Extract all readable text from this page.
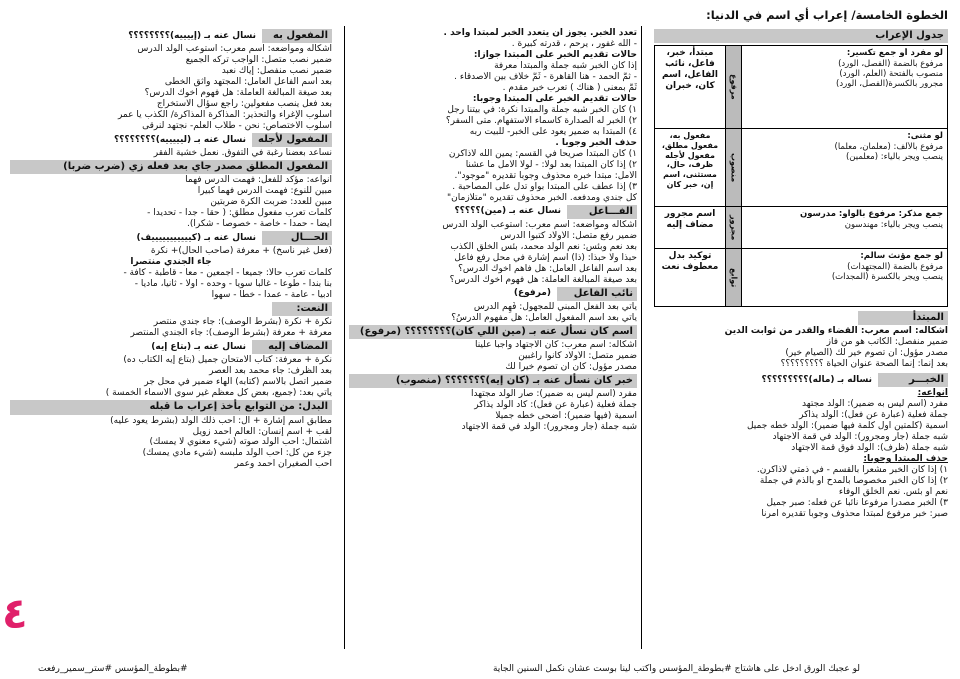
الخطوة الخامسة/ إعراب أي اسم في الدنيا:
جدول الإعراب
لو مفرد أو جمع تكسير:
مرفوع بالضمة (الفصل، الورد)
منصوب بالفتحة (العلم، الورد)
مجرور بالكسرة(الفصل، الورد)
مرفوع
مبتدأ، خبر، فاعل، نائب الفاعل، اسم كان، خبران
لو مثنى:
مرفوع بالألف: (معلمان، معلما)
ينصب ويجر بالياء: (معلمين)
منصوب
مفعول به، مفعول مطلق، مفعول لأجله ظرف، حال، مستثنى، اسم إن، خبر كان
جمع مذكر: مرفوع بالواو: مدرسون
ينصب ويجر بالياء: مهندسون
مجرور
اسم مجرور مضاف إليه
لو جمع مؤنث سالم:
مرفوع بالضمة (المجتهدات)
ينصب ويجر بالكسرة (المجدات)
توابع
توكيد بدل معطوف نعت
المبتدأ
أشكاله: اسم معرب: القضاء والقدر من ثوابت الدين
ضمير منفصل: الكاتب هو من فاز
مصدر مؤول: أن تصوم خير لك (الصيام خير)
بعد إنما: إنما الصحة عنوان الحياة ؟؟؟؟؟؟؟؟؟
الخبـــر
نسأله بـ (ماله)؟؟؟؟؟؟؟؟؟
أنواعه:
مفرد (اسم ليس به ضمير): الولد مجتهد
جملة فعلية (عبارة عن فعل): الولد يذاكر
اسمية (كلمتين أول كلمة فيها ضمير): الولد خطه جميل
شبه جملة (جار ومجرور): الولد في قمة الاجتهاد
شبه جملة (ظرف): الولد فوق قمة الاجتهاد
حذف المبتدأ وجوبا:
١) إذا كان الخبر مشعرا بالقسم - في ذمتي لأذاكرن.
٢) إذا كان الخبر مخصوصا بالمدح أو بالذم في جملة
نعم أو بئس. نعم الخلق الوفاء
٣) الخبر مصدرا مرفوعا نائبا عن فعله: صبر جميل
صبر: خبر مرفوع لمبتدأ محذوف وجوبا تقديره أمرنا
تعدد الخبر. يجوز أن يتعدد الخبر لمبتدأ واحد .
- الله غفور ، يرحم ، قدرته كبيرة .
حالات تقديم الخبر على المبتدأ جوازا:
إذا كان الخبر شبه جملة والمبتدأ معرفة
- ثمَّ الحمد - هنا القاهرة - ثَمَّ خلاف بين الأصدقاء .
ثَمَّ بمعنى ( هناك ) تعرب خبر مقدم .
حالات تقديم الخبر على المبتدأ وجوبا:
١) كان الخبر شبه جملة والمبتدأ نكرة: في بيتنا رجل
٢) الخبر له الصدارة كأسماء الاستفهام. متى السفر؟
٤) المبتدأ به ضمير يعود على الخبر- للبيت ربه
حذف الخبر وجوبا .
١) كان المبتدأ صريحا في القسم: يمين الله لأذاكرن
٢) إذا كان المبتدأ بعد لولا: - لولا الأمل ما عشنا
الأمل: مبتدأ خبره محذوف وجوبا تقديره "موجود".
٣) إذا عطف على المبتدأ بواو تدل على المصاحبة .
كل جندي ومدفعه. الخبر محذوف تقديره "متلازمان"
الفـــاعل
نسأل عنه بـ (مين)؟؟؟؟؟
أشكاله ومواضعه: اسم معرب: استوعب الولد الدرس
ضمير رفع متصل: الأولاد كتبوا الدرس
بعد نعم وبئس: نعم الولد محمد، بئس الخلق الكذب
حبذا ولا حبذا: (ذا) اسم إشارة في محل رفع فاعل
بعد اسم الفاعل العامل: هل فاهم أخوك الدرس؟
بعد صيغة المبالغة العاملة: هل فهوم أخوك الدرس؟
نائب الفاعل
(مرفوع)
يأتي بعد الفعل المبني للمجهول: فُهِم الدرس
يأتي بعد اسم المفعول العامل: هل مفهوم الدرسُ؟
اسم كان نسأل عنه بـ (مين اللي كان)؟؟؟؟؟؟؟؟ (مرفوع)
أشكاله: اسم معرب: كان الاجتهاد واجبا علينا
ضمير متصل: الأولاد كانوا راغبين
مصدر مؤول: كان أن تصوم خيرا لك
خبر كان نسأل عنه بـ (كان إيه)؟؟؟؟؟؟؟ (منصوب)
مفرد (اسم ليس به ضمير): صار الولد مجتهدا
جملة فعلية (عبارة عن فعل): كاد الولد يذاكر
اسمية (فيها ضمير): أضحى خطه جميلا
شبه جملة (جار ومجرور): الولد في قمة الاجتهاد
المفعول به
نسأل عنه بـ (إييييه)؟؟؟؟؟؟؟؟
أشكاله ومواضعه: اسم معرب: استوعب الولد الدرس
ضمير نصب متصل: الواجب تركه الجميع
ضمير نصب منفصل: إياك نعبد
بعد اسم الفاعل العامل: المجتهد واثق الخطى
بعد صيغة المبالغة العاملة: هل فهوم أخوك الدرس؟
بعد فعل ينصب مفعولين: راجع سؤال الاستخراج
أسلوب الإغراء والتحذير: المذاكرة المذاكرة/ الكذب يا عمر
أسلوب الاختصاص: نحن - طلاب العلم- نجتهد لنرقى
المفعول لأجله
نسأل عنه بـ (ليييييه)؟؟؟؟؟؟؟؟
نساعد بعضنا رغبة في التفوق. نعمل خشية الفقر
المفعول المطلق مصدر جاي بعد فعله زي (ضرب ضربا)
أنواعه: مؤكد للفعل: فهمت الدرس فهما
مبين للنوع: فهمت الدرس فهما كبيرا
مبين للعدد: ضربت الكرة ضربتين
كلمات تعرب مفعول مطلق: ( حقا - جدا - تحديدا -
أيضا - حمدا - خاصة - خصوصا - شكرا).
الحـــال
نسأل عنه بـ (كيييييييييييف)
(فعل غير ناسخ) + معرفة (صاحب الحال)+ نكرة
جاء الجندي منتصرا
كلمات تعرب حالا: جميعا - أجمعين - معا - قاطبة - كافة -
بنا بندا - طوعا - غالبا سويا - وحده - أولا - ثانيا، ماديا -
أدبيا - عامة - عمدا - خطأ - سهوا
النعت:
نكرة + نكرة (بشرط الوصف): جاء جندي منتصر
معرفة + معرفة (بشرط الوصف): جاء الجندي المنتصر
المضاف إليه
نسأل عنه بـ (بتاع إيه)
نكرة + معرفة: كتاب الامتحان جميل (بتاع إيه الكتاب ده)
بعد الظرف: جاء محمد بعد العصر
ضمير اتصل بالاسم (كتابه) الهاء ضمير في محل جر
يأتي بعد: (جميع، بعض كل معظم غير سوى الأسماء الخمسة )
البدل: من التوابع بأخذ إعراب ما قبله
مطابق اسم إشارة + ال: أحب ذلك الولد (بشرط يعود عليه)
لقب + اسم إنسان: العالم أحمد زويل
اشتمال: أحب الولد صوته (شيء معنوي لا يمسك)
جزء من كل: أحب الولد ملبسه (شيء مادي يمسك)
أحب الصغيران أحمد وعمر
٤
لو عجبك الورق ادخل على هاشتاج #بطوطة_المؤسس واكتب لينا بوست عشان نكمل السنين الجاية
#بطوطة_المؤسس #ستر_سمير_رفعت
